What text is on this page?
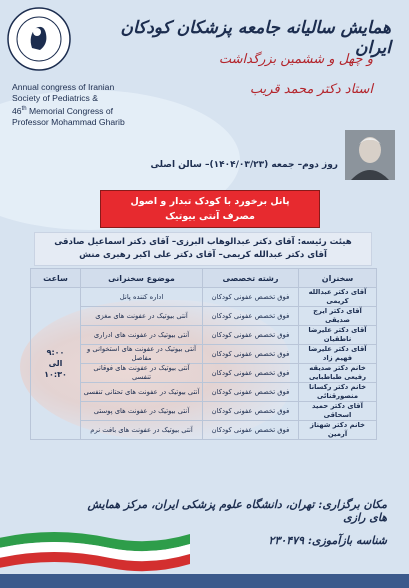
همایش سالیانه جامعه پزشکان کودکان ایران
و چهل و ششمین بزرگداشت
استاد دکتر محمد قریب
Annual congress of Iranian
Society of Pediatrics &
46th Memorial Congress of
Professor Mohammad Gharib
روز دوم– جمعه (۱۴۰۴/۰۳/۲۳)– سالن اصلی
پانل برخورد با کودک تبدار و اصول
مصرف آنتی بیوتیک
هیئت رئیسه: آقای دکتر عبدالوهاب البرزی– آقای دکتر اسماعیل صادقی
آقای دکتر عبدالله کریمی– آقای دکتر علی اکبر رهبری منش
ساعت	موضوع سخنرانی	رشته تخصصی	سخنران

۹:۰۰
الی
۱۰:۳۰	اداره کننده پانل	فوق تخصص عفونی کودکان	آقای دکتر عبدالله کریمی
	آنتی بیوتیک در عفونت های مغزی	فوق تخصص عفونی کودکان	آقای دکتر ایرج صدیقی
	آنتی بیوتیک در عفونت های ادراری	فوق تخصص عفونی کودکان	آقای دکتر علیرضا ناطقیان
	آنتی بیوتیک در عفونت های استخوانی و مفاصل	فوق تخصص عفونی کودکان	آقای دکتر علیرضا فهیم زاد
	آنتی بیوتیک در عفونت های فوقانی تنفسی	فوق تخصص عفونی کودکان	خانم دکتر صدیقه رفیعی طباطبایی
	آنتی بیوتیک در عفونت های تحتانی تنفسی	فوق تخصص عفونی کودکان	خانم دکتر رکسانا منصورقنائی
	آنتی بیوتیک در عفونت های پوستی	فوق تخصص عفونی کودکان	آقای دکتر حمید اسحاقی
	آنتی بیوتیک در عفونت های بافت نرم	فوق تخصص عفونی کودکان	خانم دکتر شهناز آرمین
مکان برگزاری: تهران، دانشگاه علوم پزشکی ایران، مرکز همایش های رازی
شناسه بازآموزی: ۲۳۰۴۷۹
